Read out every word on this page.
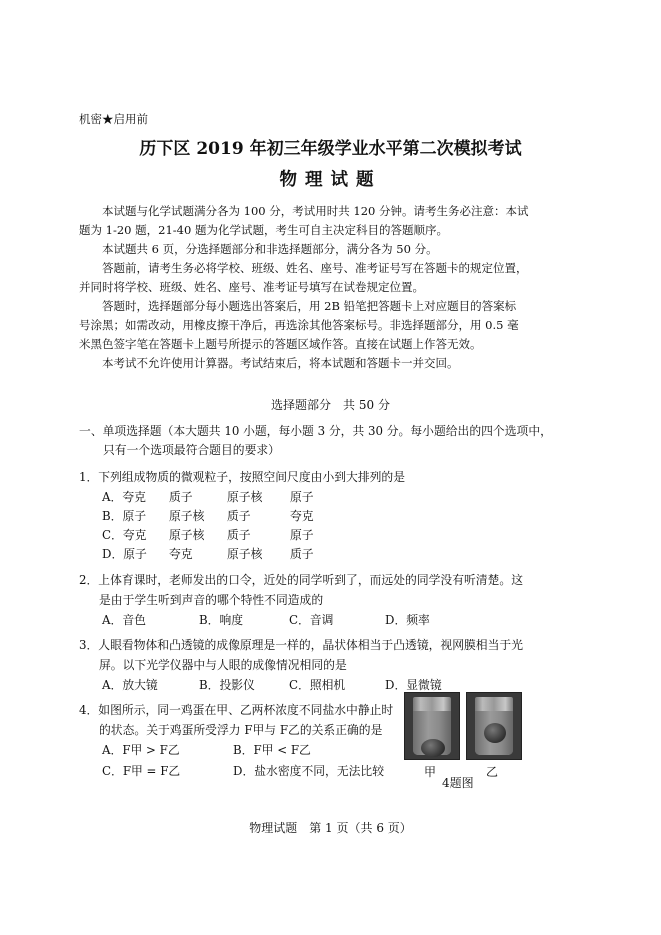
机密★启用前
历下区 2019 年初三年级学业水平第二次模拟考试
物理试题
本试题与化学试题满分各为 100 分，考试用时共 120 分钟。请考生务必注意：本试
题为 1-20 题，21-40 题为化学试题，考生可自主决定科目的答题顺序。
本试题共 6 页，分选择题部分和非选择题部分，满分各为 50 分。
答题前，请考生务必将学校、班级、姓名、座号、准考证号写在答题卡的规定位置，
并同时将学校、班级、姓名、座号、准考证号填写在试卷规定位置。
答题时，选择题部分每小题选出答案后，用 2B 铅笔把答题卡上对应题目的答案标
号涂黑；如需改动，用橡皮擦干净后，再选涂其他答案标号。非选择题部分，用 0.5 毫
米黑色签字笔在答题卡上题号所提示的答题区域作答。直接在试题上作答无效。
本考试不允许使用计算器。考试结束后，将本试题和答题卡一并交回。
选择题部分　共 50 分
一、单项选择题（本大题共 10 小题，每小题 3 分，共 30 分。每小题给出的四个选项中，
只有一个选项最符合题目的要求）
1．下列组成物质的微观粒子，按照空间尺度由小到大排列的是
A．夸克 质子	原子核 原子
B．原子 原子核 质子	夸克
C．夸克 原子核 质子	原子
D．原子 夸克	原子核 质子
2．上体育课时，老师发出的口令，近处的同学听到了，而远处的同学没有听清楚。这
是由于学生听到声音的哪个特性不同造成的
A．音色	B．响度	C．音调	D．频率
3．人眼看物体和凸透镜的成像原理是一样的，晶状体相当于凸透镜，视网膜相当于光
屏。以下光学仪器中与人眼的成像情况相同的是
A．放大镜	B．投影仪	C．照相机	D．显微镜
4．如图所示，同一鸡蛋在甲、乙两杯浓度不同盐水中静止时
的状态。关于鸡蛋所受浮力 F甲与 F乙的关系正确的是
A．F甲 > F乙	B．F甲 < F乙
C．F甲 = F乙	D．盐水密度不同，无法比较	甲	乙
4题图
物理试题　第 1 页（共 6 页）
